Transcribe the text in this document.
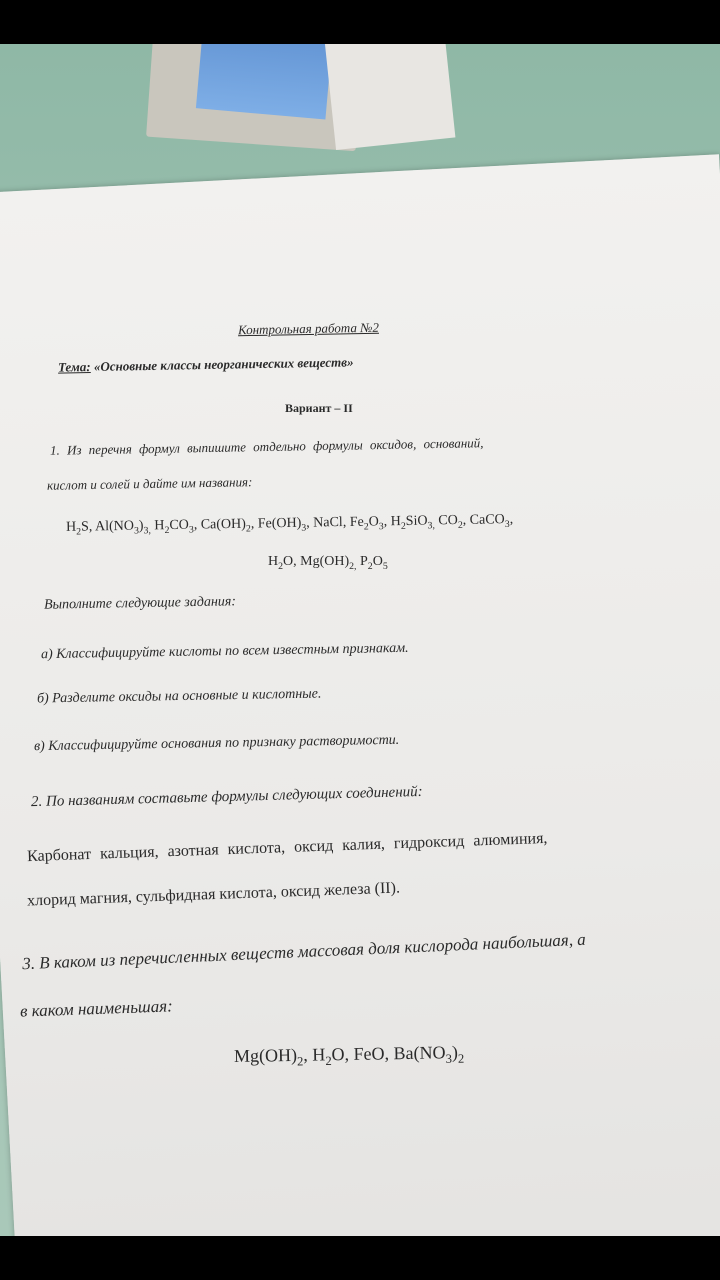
Контрольная работа №2
Тема: «Основные классы неорганических веществ»
Вариант – II
1. Из перечня формул выпишите отдельно формулы оксидов, оснований,
кислот и солей и дайте им названия:
$H_2S$, $Al(NO_3)_{3,}$ $H_2CO_3$, $Ca(OH)_2$, $Fe(OH)_3$, NaCl, $Fe_2O_3$, $H_2SiO_{3,}$ $CO_2$, CaCO$_3$,
$H_2O$, $Mg(OH)_{2,}$ $P_2O_5$
Выполните следующие задания:
а) Классифицируйте кислоты по всем известным признакам.
б) Разделите оксиды на основные и кислотные.
в) Классифицируйте основания по признаку растворимости.
2. По названиям составьте формулы следующих соединений:
Карбонат кальция, азотная кислота, оксид калия, гидроксид алюминия,
хлорид магния, сульфидная кислота, оксид железа (II).
3. В каком из перечисленных веществ массовая доля кислорода наибольшая, а
в каком наименьшая:
$Mg(OH)_2$, $H_2O$, FeO, $Ba(NO_3)_2$
